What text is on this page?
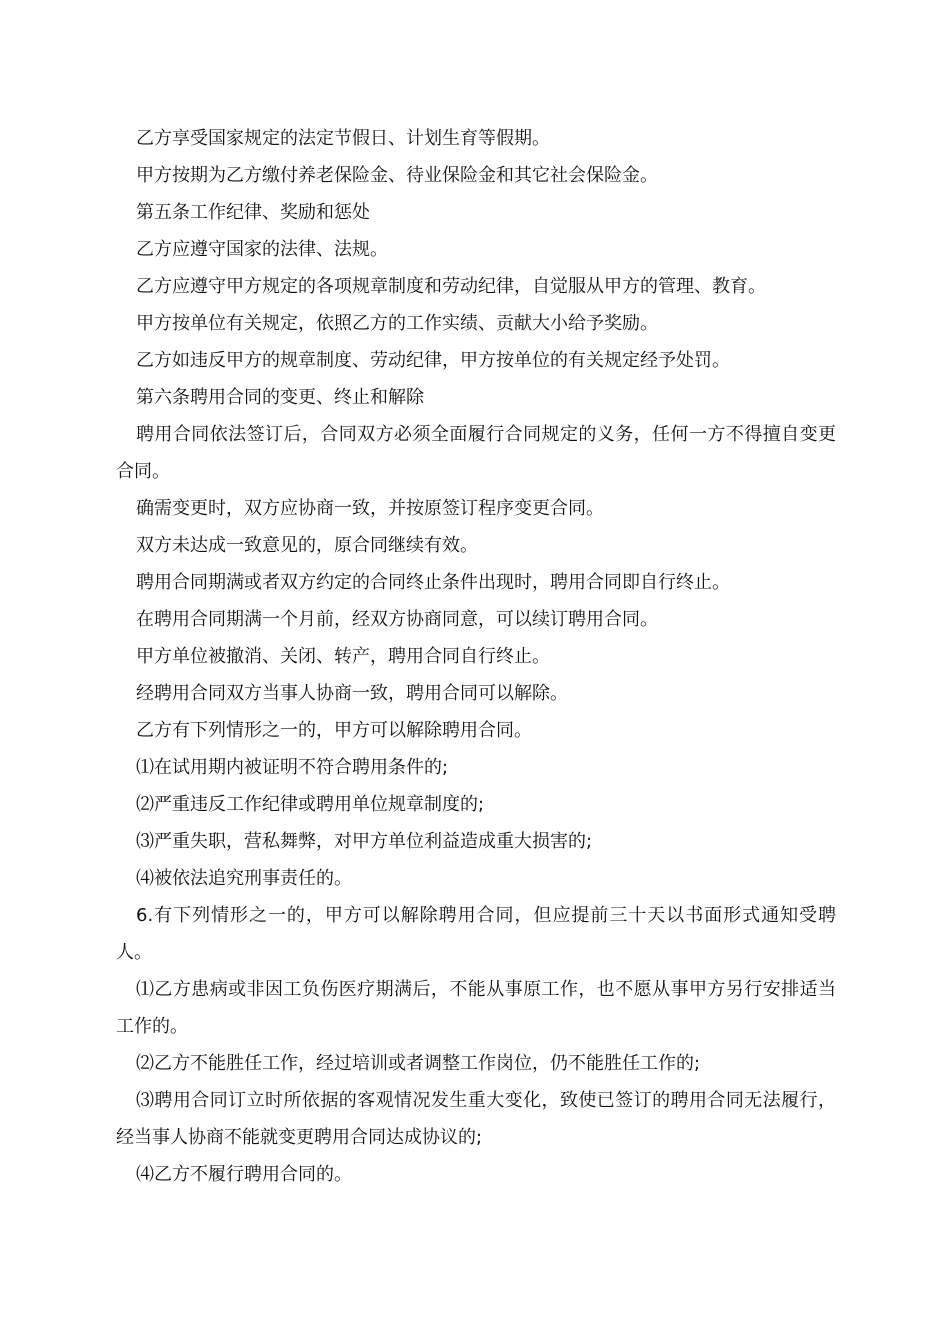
乙方享受国家规定的法定节假日、计划生育等假期。

甲方按期为乙方缴付养老保险金、待业保险金和其它社会保险金。

第五条工作纪律、奖励和惩处

乙方应遵守国家的法律、法规。

乙方应遵守甲方规定的各项规章制度和劳动纪律，自觉服从甲方的管理、教育。

甲方按单位有关规定，依照乙方的工作实绩、贡献大小给予奖励。

乙方如违反甲方的规章制度、劳动纪律，甲方按单位的有关规定经予处罚。

第六条聘用合同的变更、终止和解除

聘用合同依法签订后，合同双方必须全面履行合同规定的义务，任何一方不得擅自变更合同。

确需变更时，双方应协商一致，并按原签订程序变更合同。

双方未达成一致意见的，原合同继续有效。

聘用合同期满或者双方约定的合同终止条件出现时，聘用合同即自行终止。

在聘用合同期满一个月前，经双方协商同意，可以续订聘用合同。

甲方单位被撤消、关闭、转产，聘用合同自行终止。

经聘用合同双方当事人协商一致，聘用合同可以解除。

乙方有下列情形之一的，甲方可以解除聘用合同。

⑴在试用期内被证明不符合聘用条件的;

⑵严重违反工作纪律或聘用单位规章制度的;

⑶严重失职，营私舞弊，对甲方单位利益造成重大损害的;

⑷被依法追究刑事责任的。

6.有下列情形之一的，甲方可以解除聘用合同，但应提前三十天以书面形式通知受聘人。

⑴乙方患病或非因工负伤医疗期满后，不能从事原工作，也不愿从事甲方另行安排适当工作的。

⑵乙方不能胜任工作，经过培训或者调整工作岗位，仍不能胜任工作的;

⑶聘用合同订立时所依据的客观情况发生重大变化，致使已签订的聘用合同无法履行，经当事人协商不能就变更聘用合同达成协议的;

⑷乙方不履行聘用合同的。
